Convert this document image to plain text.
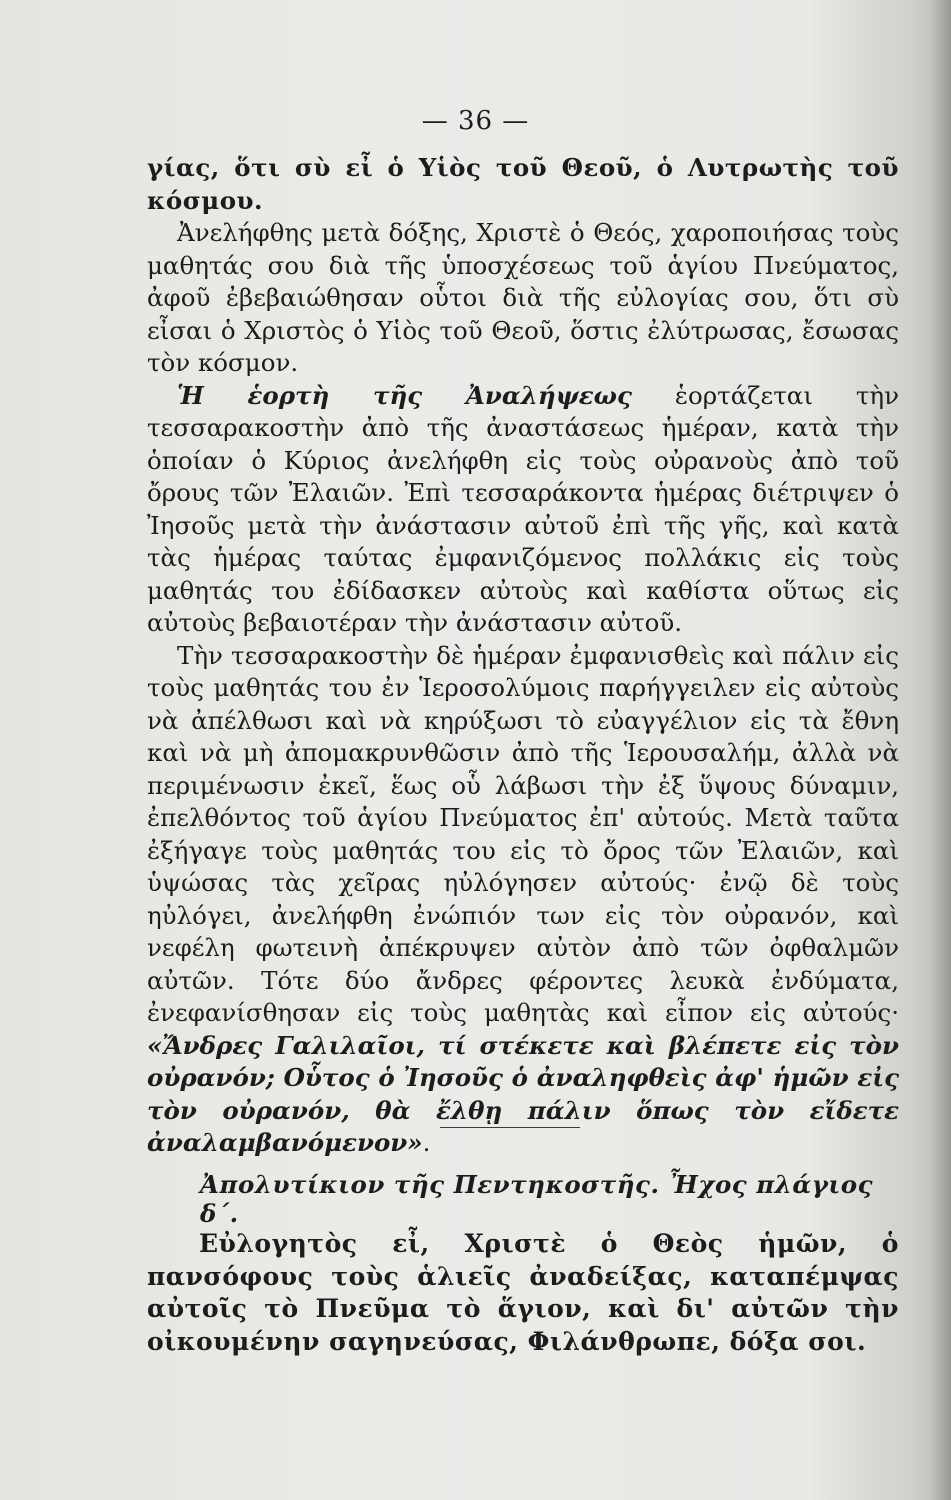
— 36 —

γίας, ὅτι σὺ εἶ ὁ Υἱὸς τοῦ Θεοῦ, ὁ Λυτρωτὴς τοῦ κόσμου.

Ἀνελήφθης μετὰ δόξης, Χριστὲ ὁ Θεός, χαροποιήσας τοὺς μαθητάς σου διὰ τῆς ὑποσχέσεως τοῦ ἁγίου Πνεύματος, ἀφοῦ ἐβεβαιώθησαν οὗτοι διὰ τῆς εὐλογίας σου, ὅτι σὺ εἶσαι ὁ Χριστὸς ὁ Υἱὸς τοῦ Θεοῦ, ὅστις ἐλύτρωσας, ἔσωσας τὸν κόσμον.

Ἡ ἑορτὴ τῆς Ἀναλήψεως ἑορτάζεται τὴν τεσσαρακοστὴν ἀπὸ τῆς ἀναστάσεως ἡμέραν, κατὰ τὴν ὁποίαν ὁ Κύριος ἀνελήφθη εἰς τοὺς οὐρανοὺς ἀπὸ τοῦ ὄρους τῶν Ἐλαιῶν. Ἐπὶ τεσσαράκοντα ἡμέρας διέτριψεν ὁ Ἰησοῦς μετὰ τὴν ἀνάστασιν αὐτοῦ ἐπὶ τῆς γῆς, καὶ κατὰ τὰς ἡμέρας ταύτας ἐμφανιζόμενος πολλάκις εἰς τοὺς μαθητάς του ἐδίδασκεν αὐτοὺς καὶ καθίστα οὕτως εἰς αὐτοὺς βεβαιοτέραν τὴν ἀνάστασιν αὐτοῦ.

Τὴν τεσσαρακοστὴν δὲ ἡμέραν ἐμφανισθεὶς καὶ πάλιν εἰς τοὺς μαθητάς του ἐν Ἱεροσολύμοις παρήγγειλεν εἰς αὐτοὺς νὰ ἀπέλθωσι καὶ νὰ κηρύξωσι τὸ εὐαγγέλιον εἰς τὰ ἔθνη καὶ νὰ μὴ ἀπομακρυνθῶσιν ἀπὸ τῆς Ἱερουσαλήμ, ἀλλὰ νὰ περιμένωσιν ἐκεῖ, ἕως οὗ λάβωσι τὴν ἐξ ὕψους δύναμιν, ἐπελθόντος τοῦ ἁγίου Πνεύματος ἐπ' αὐτούς. Μετὰ ταῦτα ἐξήγαγε τοὺς μαθητάς του εἰς τὸ ὄρος τῶν Ἐλαιῶν, καὶ ὑψώσας τὰς χεῖρας ηὐλόγησεν αὐτούς· ἐνῷ δὲ τοὺς ηὐλόγει, ἀνελήφθη ἐνώπιόν των εἰς τὸν οὐρανόν, καὶ νεφέλη φωτεινὴ ἀπέκρυψεν αὐτὸν ἀπὸ τῶν ὀφθαλμῶν αὐτῶν. Τότε δύο ἄνδρες φέροντες λευκὰ ἐνδύματα, ἐνεφανίσθησαν εἰς τοὺς μαθητὰς καὶ εἶπον εἰς αὐτούς· «Ἄνδρες Γαλιλαῖοι, τί στέκετε καὶ βλέπετε εἰς τὸν οὐρανόν; Οὗτος ὁ Ἰησοῦς ὁ ἀναληφθεὶς ἀφ' ἡμῶν εἰς τὸν οὐρανόν, θὰ ἔλθῃ πάλιν ὅπως τὸν εἴδετε ἀναλαμβανόμενον».

Ἀπολυτίκιον τῆς Πεντηκοστῆς. Ἦχος πλάγιος δ΄.
Εὐλογητὸς εἶ, Χριστὲ ὁ Θεὸς ἡμῶν, ὁ πανσόφους τοὺς ἁλιεῖς ἀναδείξας, καταπέμψας αὐτοῖς τὸ Πνεῦμα τὸ ἅγιον, καὶ δι' αὐτῶν τὴν οἰκουμένην σαγηνεύσας, Φιλάνθρωπε, δόξα σοι.
